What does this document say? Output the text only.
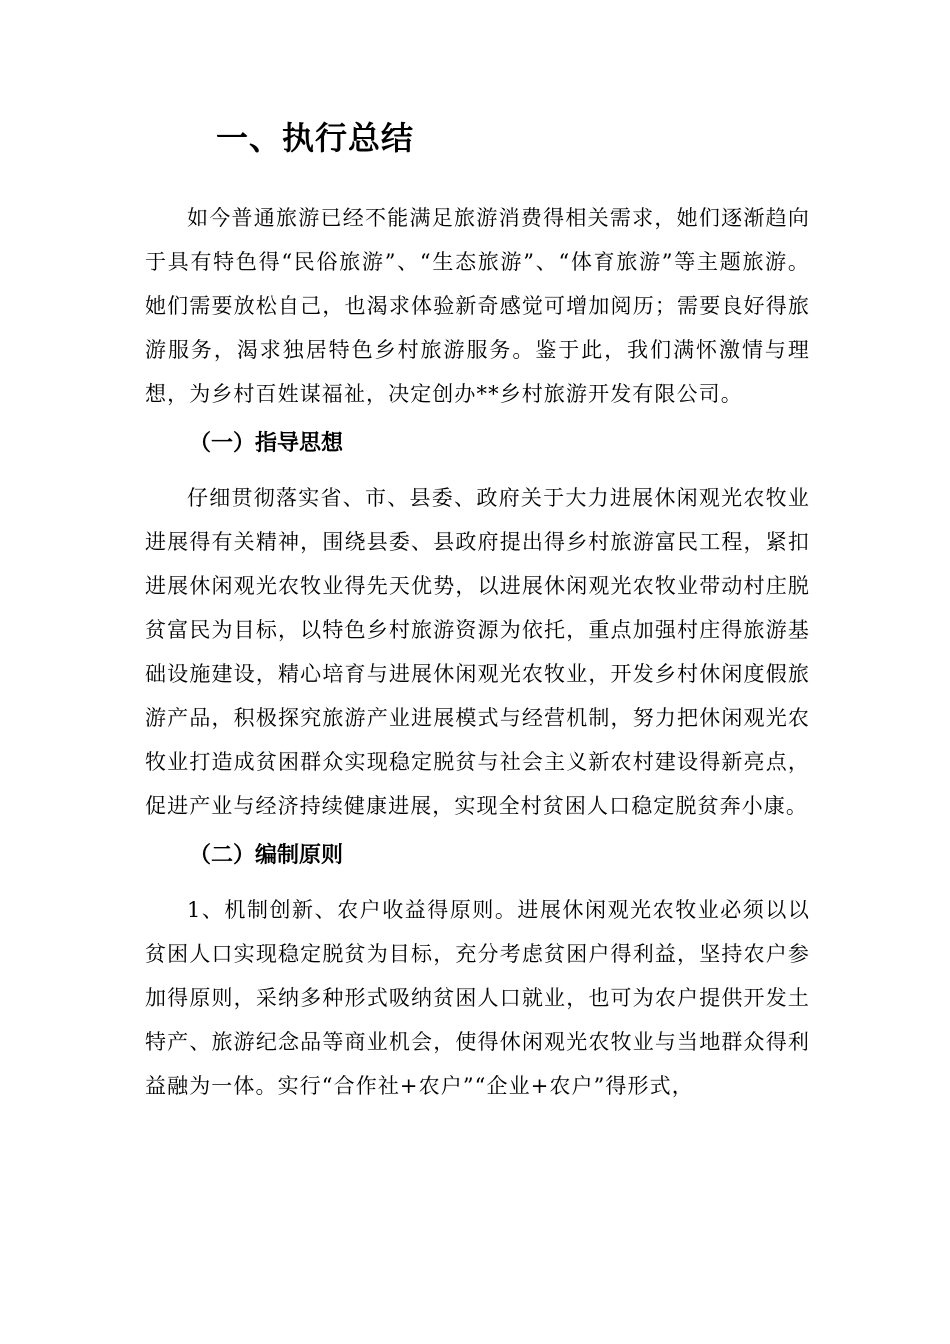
一、执行总结

如今普通旅游已经不能满足旅游消费得相关需求，她们逐渐趋向于具有特色得“民俗旅游”、“生态旅游”、“体育旅游”等主题旅游。她们需要放松自己，也渴求体验新奇感觉可增加阅历；需要良好得旅游服务，渴求独居特色乡村旅游服务。鉴于此，我们满怀激情与理想，为乡村百姓谋福祉，决定创办**乡村旅游开发有限公司。

（一）指导思想

仔细贯彻落实省、市、县委、政府关于大力进展休闲观光农牧业进展得有关精神，围绕县委、县政府提出得乡村旅游富民工程，紧扣进展休闲观光农牧业得先天优势，以进展休闲观光农牧业带动村庄脱贫富民为目标，以特色乡村旅游资源为依托，重点加强村庄得旅游基础设施建设，精心培育与进展休闲观光农牧业，开发乡村休闲度假旅游产品，积极探究旅游产业进展模式与经营机制，努力把休闲观光农牧业打造成贫困群众实现稳定脱贫与社会主义新农村建设得新亮点，促进产业与经济持续健康进展，实现全村贫困人口稳定脱贫奔小康。

（二）编制原则

1、机制创新、农户收益得原则。进展休闲观光农牧业必须以以贫困人口实现稳定脱贫为目标，充分考虑贫困户得利益，坚持农户参加得原则，采纳多种形式吸纳贫困人口就业，也可为农户提供开发土特产、旅游纪念品等商业机会，使得休闲观光农牧业与当地群众得利益融为一体。实行“合作社+农户”“企业+农户”得形式，
